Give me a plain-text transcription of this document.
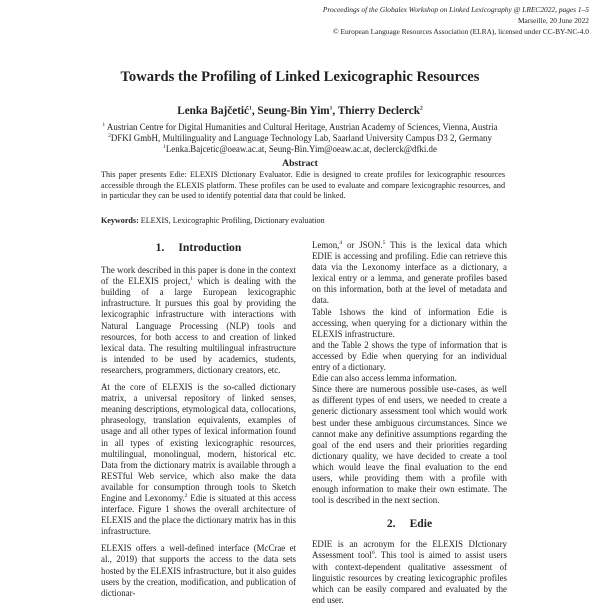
Proceedings of the Globalex Workshop on Linked Lexicography @ LREC2022, pages 1–5
Marseille, 20 June 2022
© European Language Resources Association (ELRA), licensed under CC-BY-NC-4.0
Towards the Profiling of Linked Lexicographic Resources
Lenka Bajčetić$^1$, Seung-Bin Yim$^1$, Thierry Declerck$^2$
$^1$ Austrian Centre for Digital Humanities and Cultural Heritage, Austrian Academy of Sciences, Vienna, Austria
$^2$DFKI GmbH, Multilinguality and Language Technology Lab, Saarland University Campus D3 2, Germany
$^1$Lenka.Bajcetic@oeaw.ac.at, Seung-Bin.Yim@oeaw.ac.at, declerck@dfki.de
Abstract
This paper presents Edie: ELEXIS DIctionary Evaluator. Edie is designed to create profiles for lexicographic resources accessible through the ELEXIS platform. These profiles can be used to evaluate and compare lexicographic resources, and in particular they can be used to identify potential data that could be linked.
Keywords: ELEXIS, Lexicographic Profiling, Dictionary evaluation
1. Introduction

The work described in this paper is done in the context of the ELEXIS project,$^1$ which is dealing with the building of a large European lexicographic infrastructure. It pursues this goal by providing the lexicographic infrastructure with interactions with Natural Language Processing (NLP) tools and resources, for both access to and creation of linked lexical data. The resulting multilingual infrastructure is intended to be used by academics, students, researchers, programmers, dictionary creators, etc.

At the core of ELEXIS is the so-called dictionary matrix, a universal repository of linked senses, meaning descriptions, etymological data, collocations, phraseology, translation equivalents, examples of usage and all other types of lexical information found in all types of existing lexicographic resources, multilingual, monolingual, modern, historical etc. Data from the dictionary matrix is available through a RESTful Web service, which also make the data available for consumption through tools to Sketch Engine and Lexonomy.$^2$ Edie is situated at this access interface. Figure 1 shows the overall architecture of ELEXIS and the place the dictionary matrix has in this infrastructure.

ELEXIS offers a well-defined interface (McCrae et al., 2019) that supports the access to the data sets hosted by the ELEXIS infrastructure, but it also guides users by the creation, modification, and publication of dictionar-

Lemon,$^4$ or JSON.$^5$ This is the lexical data which EDIE is accessing and profiling. Edie can retrieve this data via the Lexonomy interface as a dictionary, a lexical entry or a lemma, and generate profiles based on this information, both at the level of metadata and data.

Table 1shows the kind of information Edie is accessing, when querying for a dictionary within the ELEXIS infrastructure.

and the Table 2 shows the type of information that is accessed by Edie when querying for an individual entry of a dictionary.

Edie can also access lemma information.

Since there are numerous possible use-cases, as well as different types of end users, we needed to create a generic dictionary assessment tool which would work best under these ambiguous circumstances. Since we cannot make any definitive assumptions regarding the goal of the end users and their priorities regarding dictionary quality, we have decided to create a tool which would leave the final evaluation to the end users, while providing them with a profile with enough information to make their own estimate. The tool is described in the next section.

2. Edie

EDIE is an acronym for the ELEXIS DIctionary Assessment tool$^6$. This tool is aimed to assist users with context-dependent qualitative assessment of linguistic resources by creating lexicographic profiles which can be easily compared and evaluated by the end user.
